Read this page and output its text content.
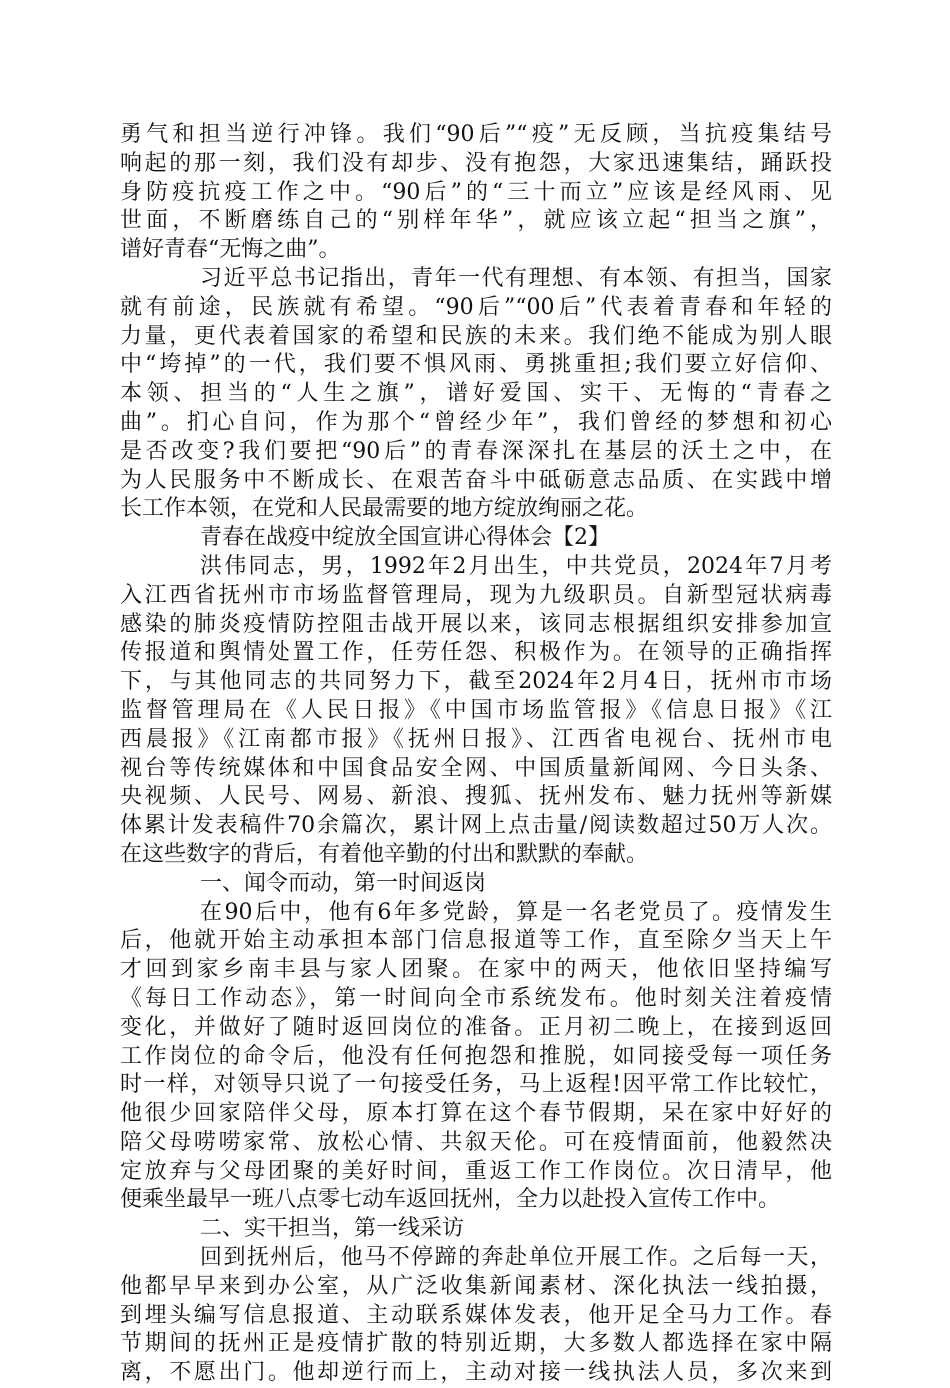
勇气和担当逆行冲锋。我们“90后”“疫”无反顾，当抗疫集结号
响起的那一刻，我们没有却步、没有抱怨，大家迅速集结，踊跃投
身防疫抗疫工作之中。“90后”的“三十而立”应该是经风雨、见
世面，不断磨练自己的“别样年华”，就应该立起“担当之旗”，
谱好青春“无悔之曲”。
习近平总书记指出，青年一代有理想、有本领、有担当，国家
就有前途，民族就有希望。“90后”“00后”代表着青春和年轻的
力量，更代表着国家的希望和民族的未来。我们绝不能成为别人眼
中“垮掉”的一代，我们要不惧风雨、勇挑重担;我们要立好信仰、
本领、担当的“人生之旗”，谱好爱国、实干、无悔的“青春之
曲”。扪心自问，作为那个“曾经少年”，我们曾经的梦想和初心
是否改变?我们要把“90后”的青春深深扎在基层的沃土之中，在
为人民服务中不断成长、在艰苦奋斗中砥砺意志品质、在实践中增
长工作本领，在党和人民最需要的地方绽放绚丽之花。
青春在战疫中绽放全国宣讲心得体会【2】
洪伟同志，男，1992年2月出生，中共党员，2024年7月考
入江西省抚州市市场监督管理局，现为九级职员。自新型冠状病毒
感染的肺炎疫情防控阻击战开展以来，该同志根据组织安排参加宣
传报道和舆情处置工作，任劳任怨、积极作为。在领导的正确指挥
下，与其他同志的共同努力下，截至2024年2月4日，抚州市市场
监督管理局在《人民日报》《中国市场监管报》《信息日报》《江
西晨报》《江南都市报》《抚州日报》、江西省电视台、抚州市电
视台等传统媒体和中国食品安全网、中国质量新闻网、今日头条、
央视频、人民号、网易、新浪、搜狐、抚州发布、魅力抚州等新媒
体累计发表稿件70余篇次，累计网上点击量/阅读数超过50万人次。
在这些数字的背后，有着他辛勤的付出和默默的奉献。
一、闻令而动，第一时间返岗
在90后中，他有6年多党龄，算是一名老党员了。疫情发生
后，他就开始主动承担本部门信息报道等工作，直至除夕当天上午
才回到家乡南丰县与家人团聚。在家中的两天，他依旧坚持编写
《每日工作动态》，第一时间向全市系统发布。他时刻关注着疫情
变化，并做好了随时返回岗位的准备。正月初二晚上，在接到返回
工作岗位的命令后，他没有任何抱怨和推脱，如同接受每一项任务
时一样，对领导只说了一句接受任务，马上返程!因平常工作比较忙，
他很少回家陪伴父母，原本打算在这个春节假期，呆在家中好好的
陪父母唠唠家常、放松心情、共叙天伦。可在疫情面前，他毅然决
定放弃与父母团聚的美好时间，重返工作工作岗位。次日清早，他
便乘坐最早一班八点零七动车返回抚州，全力以赴投入宣传工作中。
二、实干担当，第一线采访
回到抚州后，他马不停蹄的奔赴单位开展工作。之后每一天，
他都早早来到办公室，从广泛收集新闻素材、深化执法一线拍摄，
到埋头编写信息报道、主动联系媒体发表，他开足全马力工作。春
节期间的抚州正是疫情扩散的特别近期，大多数人都选择在家中隔
离，不愿出门。他却逆行而上，主动对接一线执法人员，多次来到
